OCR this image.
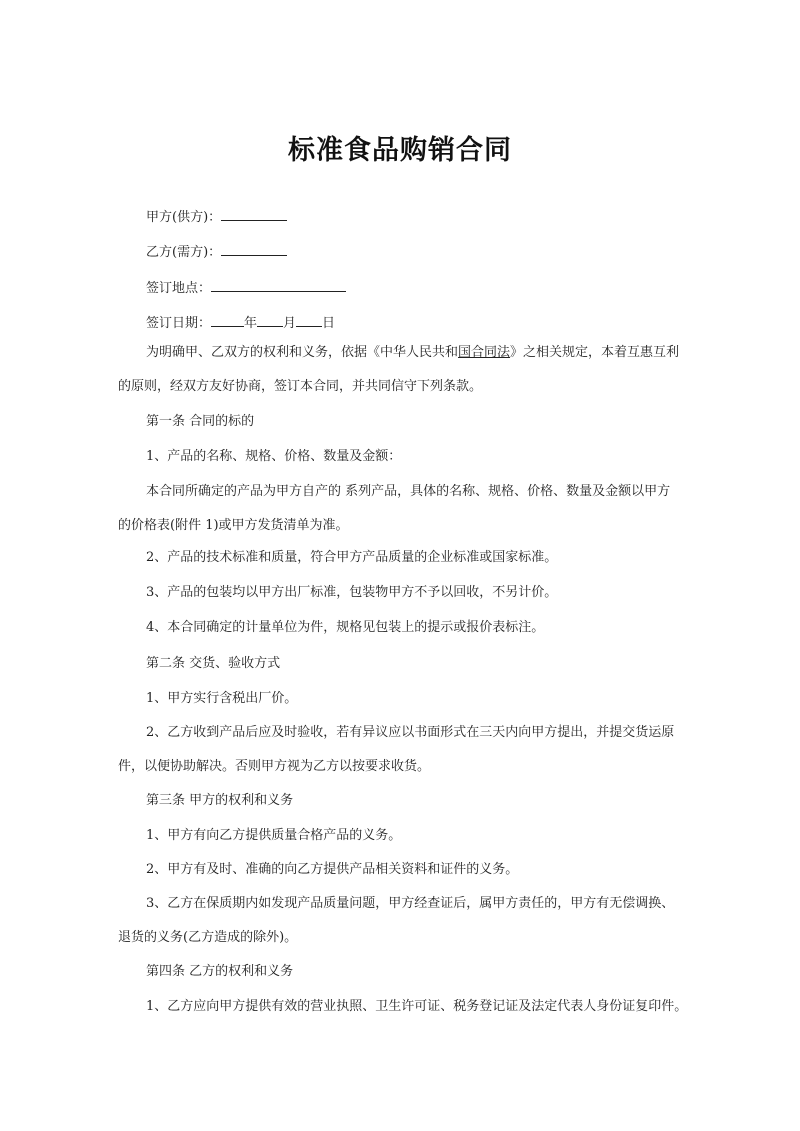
标准食品购销合同
甲方(供方)：
乙方(需方)：
签订地点：
签订日期：	年 月 日
为明确甲、乙双方的权利和义务，依据《中华人民共和国合同法》之相关规定，本着互惠互利的原则，经双方友好协商，签订本合同，并共同信守下列条款。
第一条 合同的标的
1、产品的名称、规格、价格、数量及金额：
本合同所确定的产品为甲方自产的 系列产品，具体的名称、规格、价格、数量及金额以甲方的价格表(附件 1)或甲方发货清单为准。
2、产品的技术标准和质量，符合甲方产品质量的企业标准或国家标准。
3、产品的包装均以甲方出厂标准，包装物甲方不予以回收，不另计价。
4、本合同确定的计量单位为件，规格见包装上的提示或报价表标注。
第二条 交货、验收方式
1、甲方实行含税出厂价。
2、乙方收到产品后应及时验收，若有异议应以书面形式在三天内向甲方提出，并提交货运原件，以便协助解决。否则甲方视为乙方以按要求收货。
第三条 甲方的权利和义务
1、甲方有向乙方提供质量合格产品的义务。
2、甲方有及时、准确的向乙方提供产品相关资料和证件的义务。
3、乙方在保质期内如发现产品质量问题，甲方经查证后，属甲方责任的，甲方有无偿调换、退货的义务(乙方造成的除外)。
第四条 乙方的权利和义务
1、乙方应向甲方提供有效的营业执照、卫生许可证、税务登记证及法定代表人身份证复印件。
